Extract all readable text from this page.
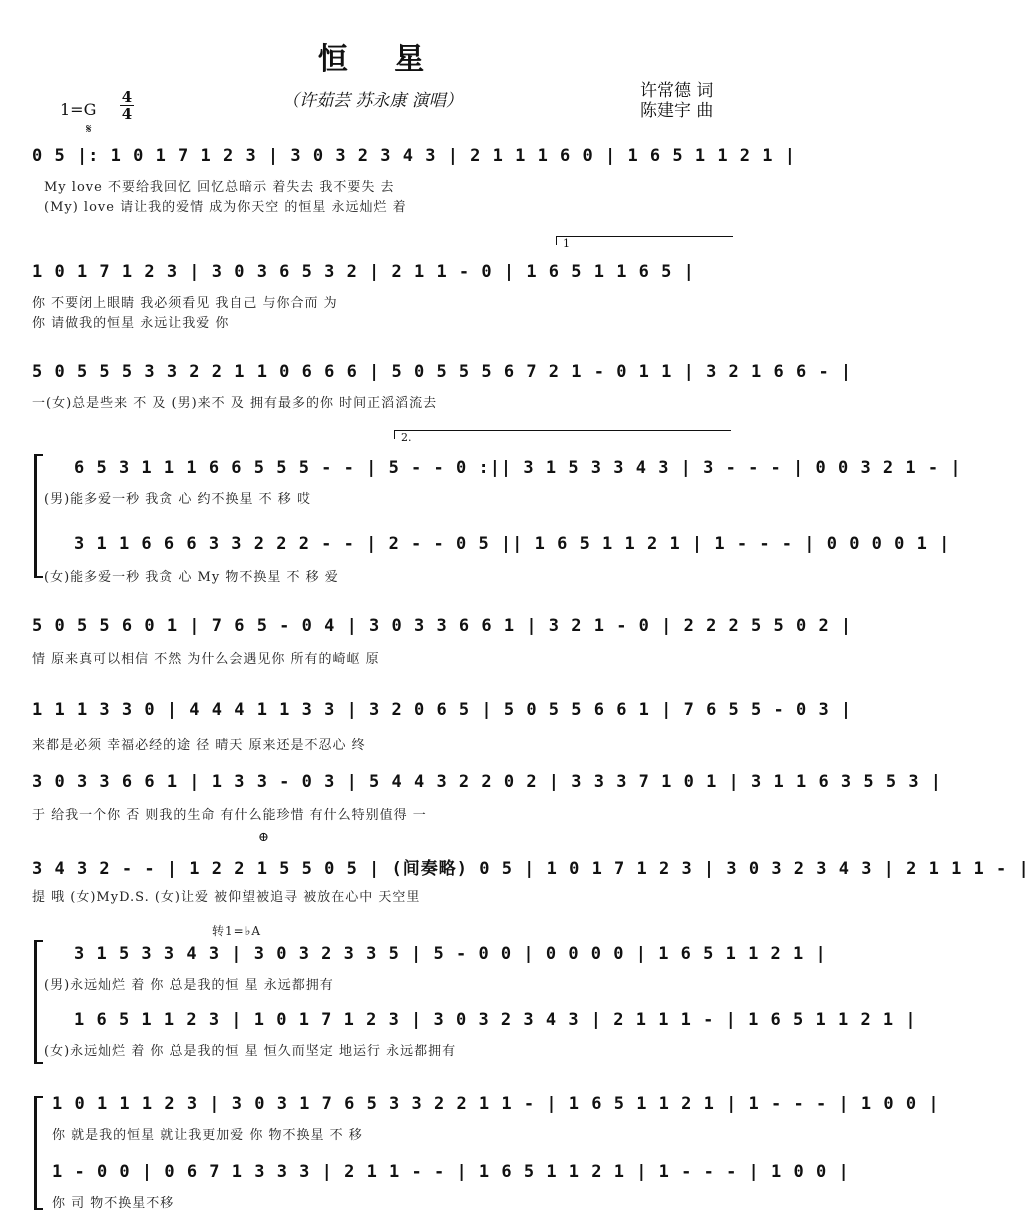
恒 星
（许茹芸 苏永康 演唱）	许常德 词
陈建宇 曲
1=G
4
4
𝄋
0 5 |: 1 0 1 7 1 2 3 | 3 0 3 2 3 4 3 | 2 1 1 1 6 0 | 1 6 5 1 1 2 1 |
My love 不要给我回忆 回忆总暗示 着失去 我不要失 去
(My) love 请让我的爱情 成为你天空 的恒星 永远灿烂 着
1
1 0 1 7 1 2 3 | 3 0 3 6 5 3 2 | 2 1 1 - 0 | 1 6 5 1 1 6 5 |
你 不要闭上眼睛 我必须看见 我自己 与你合而 为
你 请做我的恒星 永远让我爱 你
5 0 5 5 5 3 3 2 2 1 1 0 6 6 6 | 5 0 5 5 5 6 7 2 1 - 0 1 1 | 3 2 1 6 6 - |
一(女)总是些来 不 及 (男)来不 及 拥有最多的你 时间正滔滔流去
2.
6 5 3 1 1 1 6 6 5 5 5 - - | 5 - - 0 :|| 3 1 5 3 3 4 3 | 3 - - - | 0 0 3 2 1 - |
(男)能多爱一秒 我贪 心 约不换星 不 移 哎
3 1 1 6 6 6 3 3 2 2 2 - - | 2 - - 0 5 || 1 6 5 1 1 2 1 | 1 - - - | 0 0 0 0 1 |
(女)能多爱一秒 我贪 心 My 物不换星 不 移 爱
5 0 5 5 6 0 1 | 7 6 5 - 0 4 | 3 0 3 3 6 6 1 | 3 2 1 - 0 | 2 2 2 5 5 0 2 |
情 原来真可以相信 不然 为什么会遇见你 所有的崎岖 原
1 1 1 3 3 0 | 4 4 4 1 1 3 3 | 3 2 0 6 5 | 5 0 5 5 6 6 1 | 7 6 5 5 - 0 3 |
来都是必须 幸福必经的途 径 晴天 原来还是不忍心 终
3 0 3 3 6 6 1 | 1 3 3 - 0 3 | 5 4 4 3 2 2 0 2 | 3 3 3 7 1 0 1 | 3 1 1 6 3 5 5 3 |
于 给我一个你 否 则我的生命 有什么能珍惜 有什么特别值得 一
⊕
3 4 3 2 - - | 1 2 2 1 5 5 0 5 | (间奏略) 0 5 | 1 0 1 7 1 2 3 | 3 0 3 2 3 4 3 | 2 1 1 1 - |
提 哦 (女)MyD.S. (女)让爱 被仰望被追寻 被放在心中 天空里
转1=♭A
3 1 5 3 3 4 3 | 3 0 3 2 3 3 5 | 5 - 0 0 | 0 0 0 0 | 1 6 5 1 1 2 1 |
(男)永远灿烂 着 你 总是我的恒 星 永远都拥有
1 6 5 1 1 2 3 | 1 0 1 7 1 2 3 | 3 0 3 2 3 4 3 | 2 1 1 1 - | 1 6 5 1 1 2 1 |
(女)永远灿烂 着 你 总是我的恒 星 恒久而坚定 地运行 永远都拥有
1 0 1 1 1 2 3 | 3 0 3 1 7 6 5 3 3 2 2 1 1 - | 1 6 5 1 1 2 1 | 1 - - - | 1 0 0 |
你 就是我的恒星 就让我更加爱 你 物不换星 不 移
1 - 0 0 | 0 6 7 1 3 3 3 | 2 1 1 - - | 1 6 5 1 1 2 1 | 1 - - - | 1 0 0 |
你 司 物不换星不移
